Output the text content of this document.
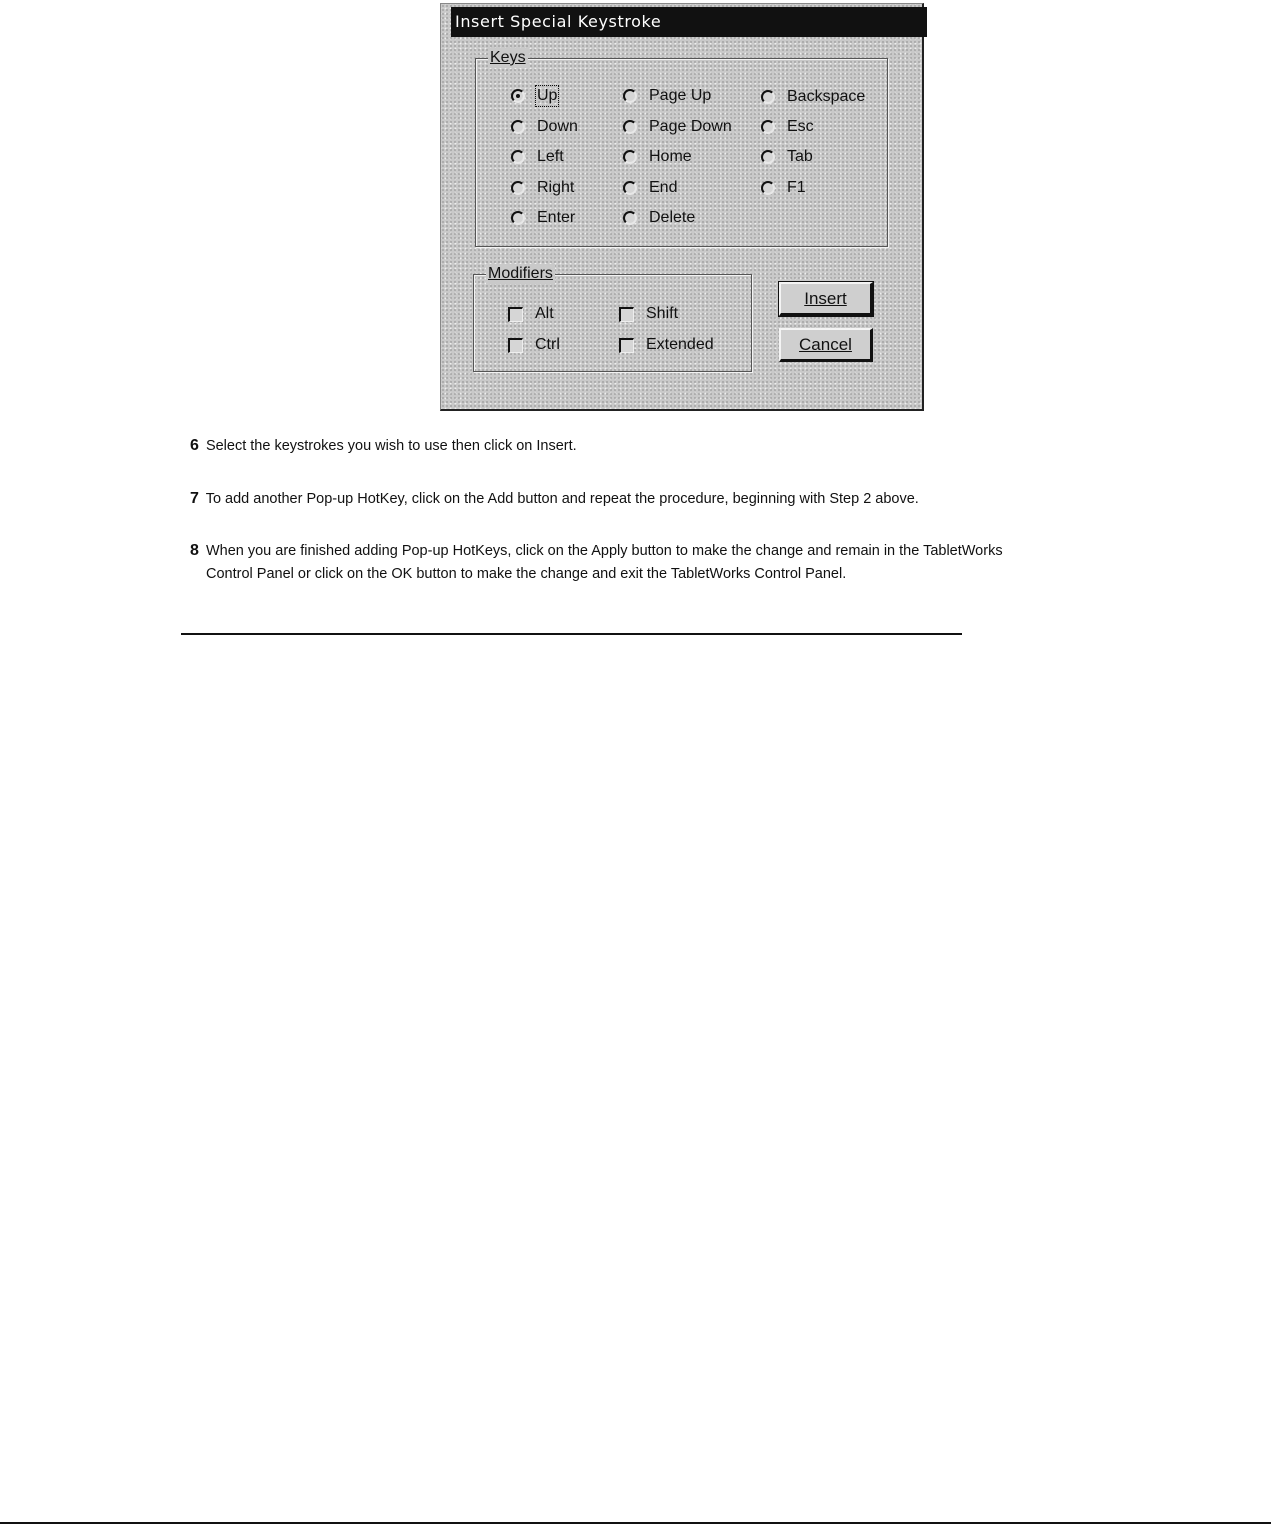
Insert Special Keystroke
Keys
Up
Down
Left
Right
Enter
Page Up
Page Down
Home
End
Delete
Backspace
Esc
Tab
F1
Modifiers
Alt
Ctrl
Shift
Extended
Insert
Cancel
6 Select the keystrokes you wish to use then click on Insert.
7 To add another Pop-up HotKey, click on the Add button and repeat the procedure, beginning with Step 2 above.
8 When you are finished adding Pop-up HotKeys, click on the Apply button to make the change and remain in the TabletWorks
Control Panel or click on the OK button to make the change and exit the TabletWorks Control Panel.
